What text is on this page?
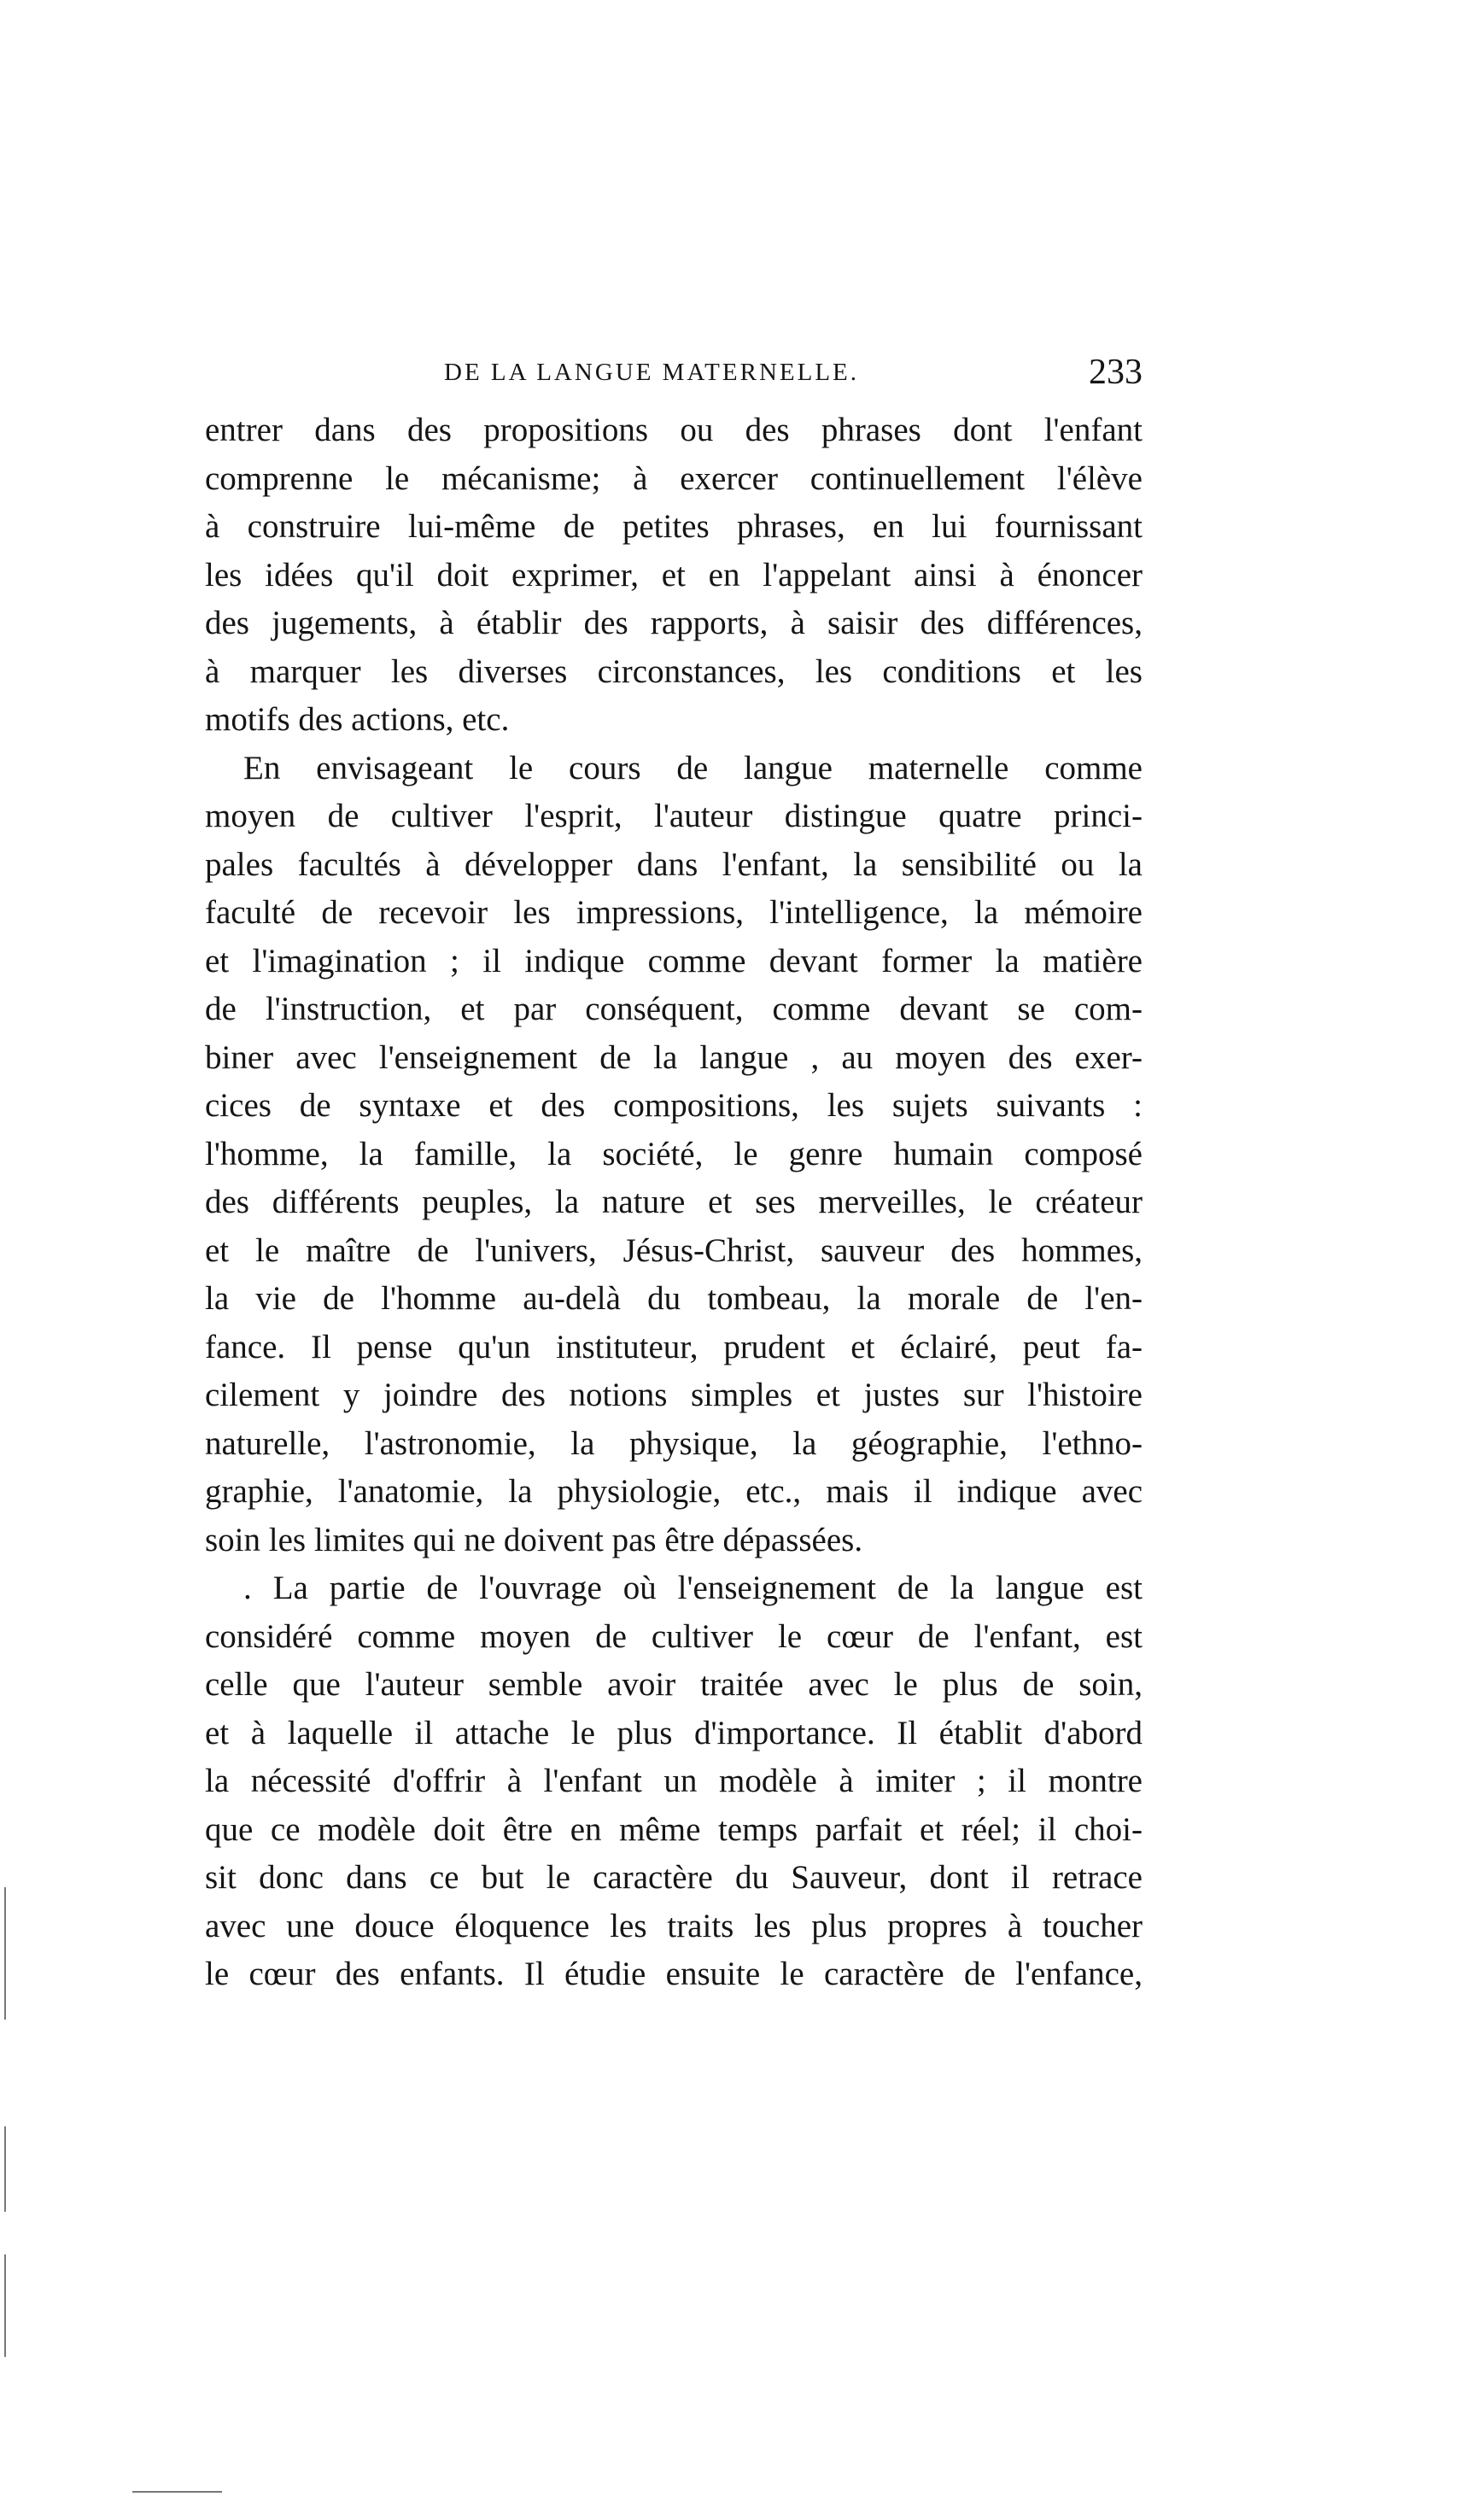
DE LA LANGUE MATERNELLE.	233
entrer dans des propositions ou des phrases dont l'enfant
comprenne le mécanisme; à exercer continuellement l'élève
à construire lui-même de petites phrases, en lui fournissant
les idées qu'il doit exprimer, et en l'appelant ainsi à énoncer
des jugements, à établir des rapports, à saisir des différences,
à marquer les diverses circonstances, les conditions et les
motifs des actions, etc.
En envisageant le cours de langue maternelle comme
moyen de cultiver l'esprit, l'auteur distingue quatre princi-
pales facultés à développer dans l'enfant, la sensibilité ou la
faculté de recevoir les impressions, l'intelligence, la mémoire
et l'imagination ; il indique comme devant former la matière
de l'instruction, et par conséquent, comme devant se com-
biner avec l'enseignement de la langue , au moyen des exer-
cices de syntaxe et des compositions, les sujets suivants :
l'homme, la famille, la société, le genre humain composé
des différents peuples, la nature et ses merveilles, le créateur
et le maître de l'univers, Jésus-Christ, sauveur des hommes,
la vie de l'homme au-delà du tombeau, la morale de l'en-
fance. Il pense qu'un instituteur, prudent et éclairé, peut fa-
cilement y joindre des notions simples et justes sur l'histoire
naturelle, l'astronomie, la physique, la géographie, l'ethno-
graphie, l'anatomie, la physiologie, etc., mais il indique avec
soin les limites qui ne doivent pas être dépassées.
. La partie de l'ouvrage où l'enseignement de la langue est
considéré comme moyen de cultiver le cœur de l'enfant, est
celle que l'auteur semble avoir traitée avec le plus de soin,
et à laquelle il attache le plus d'importance. Il établit d'abord
la nécessité d'offrir à l'enfant un modèle à imiter ; il montre
que ce modèle doit être en même temps parfait et réel; il choi-
sit donc dans ce but le caractère du Sauveur, dont il retrace
avec une douce éloquence les traits les plus propres à toucher
le cœur des enfants. Il étudie ensuite le caractère de l'enfance,
